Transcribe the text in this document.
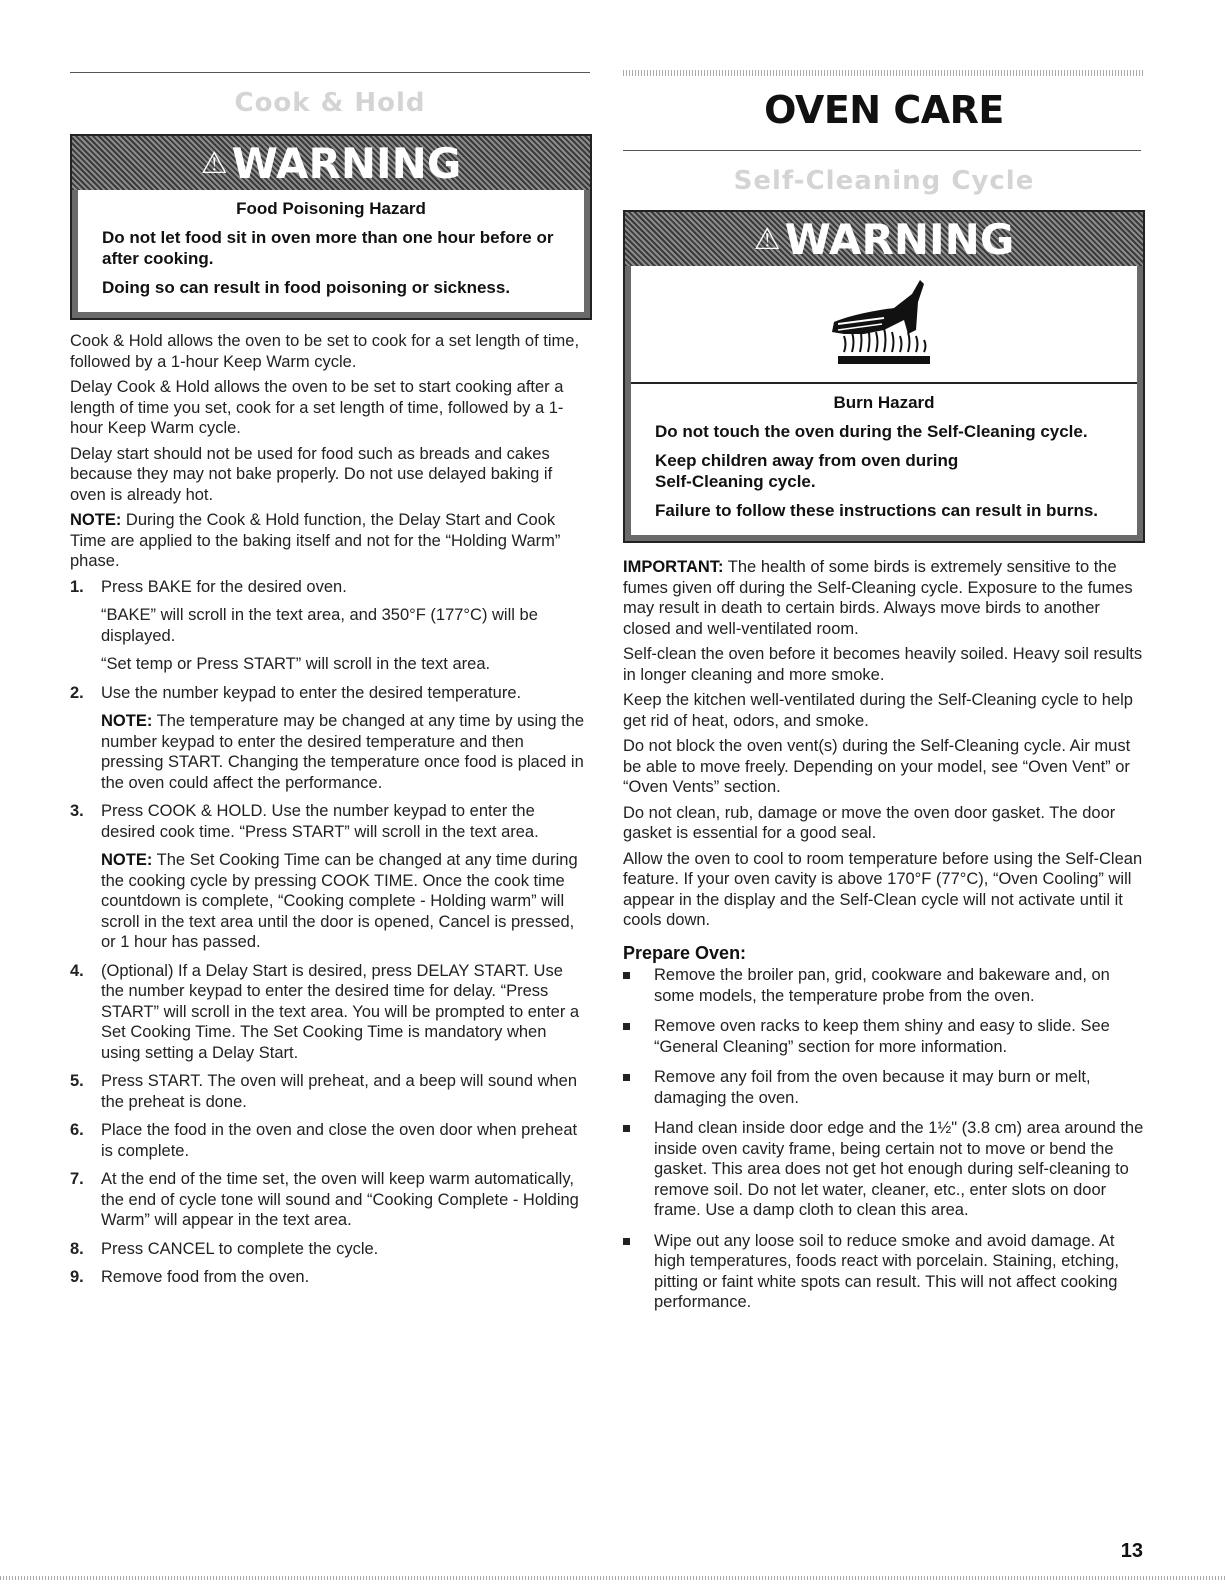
Cook & Hold
⚠ WARNING

Food Poisoning Hazard

Do not let food sit in oven more than one hour before or after cooking.

Doing so can result in food poisoning or sickness.

Cook & Hold allows the oven to be set to cook for a set length of time, followed by a 1-hour Keep Warm cycle.

Delay Cook & Hold allows the oven to be set to start cooking after a length of time you set, cook for a set length of time, followed by a 1-hour Keep Warm cycle.

Delay start should not be used for food such as breads and cakes because they may not bake properly. Do not use delayed baking if oven is already hot.

NOTE: During the Cook & Hold function, the Delay Start and Cook Time are applied to the baking itself and not for the “Holding Warm” phase.

1. Press BAKE for the desired oven.

“BAKE” will scroll in the text area, and 350°F (177°C) will be displayed.

“Set temp or Press START” will scroll in the text area.

2. Use the number keypad to enter the desired temperature.

NOTE: The temperature may be changed at any time by using the number keypad to enter the desired temperature and then pressing START. Changing the temperature once food is placed in the oven could affect the performance.

3. Press COOK & HOLD. Use the number keypad to enter the desired cook time. “Press START” will scroll in the text area.

NOTE: The Set Cooking Time can be changed at any time during the cooking cycle by pressing COOK TIME. Once the cook time countdown is complete, “Cooking complete - Holding warm” will scroll in the text area until the door is opened, Cancel is pressed, or 1 hour has passed.

4. (Optional) If a Delay Start is desired, press DELAY START. Use the number keypad to enter the desired time for delay. “Press START” will scroll in the text area. You will be prompted to enter a Set Cooking Time. The Set Cooking Time is mandatory when using setting a Delay Start.

5. Press START. The oven will preheat, and a beep will sound when the preheat is done.

6. Place the food in the oven and close the oven door when preheat is complete.

7. At the end of the time set, the oven will keep warm automatically, the end of cycle tone will sound and “Cooking Complete - Holding Warm” will appear in the text area.

8. Press CANCEL to complete the cycle.

9. Remove food from the oven.

OVEN CARE
Self-Cleaning Cycle
⚠ WARNING

Burn Hazard

Do not touch the oven during the Self-Cleaning cycle.

Keep children away from oven during Self-Cleaning cycle.

Failure to follow these instructions can result in burns.

IMPORTANT: The health of some birds is extremely sensitive to the fumes given off during the Self-Cleaning cycle. Exposure to the fumes may result in death to certain birds. Always move birds to another closed and well-ventilated room.

Self-clean the oven before it becomes heavily soiled. Heavy soil results in longer cleaning and more smoke.

Keep the kitchen well-ventilated during the Self-Cleaning cycle to help get rid of heat, odors, and smoke.

Do not block the oven vent(s) during the Self-Cleaning cycle. Air must be able to move freely. Depending on your model, see “Oven Vent” or “Oven Vents” section.

Do not clean, rub, damage or move the oven door gasket. The door gasket is essential for a good seal.

Allow the oven to cool to room temperature before using the Self-Clean feature. If your oven cavity is above 170°F (77°C), “Oven Cooling” will appear in the display and the Self-Clean cycle will not activate until it cools down.

Prepare Oven:
Remove the broiler pan, grid, cookware and bakeware and, on some models, the temperature probe from the oven.
Remove oven racks to keep them shiny and easy to slide. See “General Cleaning” section for more information.
Remove any foil from the oven because it may burn or melt, damaging the oven.
Hand clean inside door edge and the 1½" (3.8 cm) area around the inside oven cavity frame, being certain not to move or bend the gasket. This area does not get hot enough during self-cleaning to remove soil. Do not let water, cleaner, etc., enter slots on door frame. Use a damp cloth to clean this area.
Wipe out any loose soil to reduce smoke and avoid damage. At high temperatures, foods react with porcelain. Staining, etching, pitting or faint white spots can result. This will not affect cooking performance.
13
